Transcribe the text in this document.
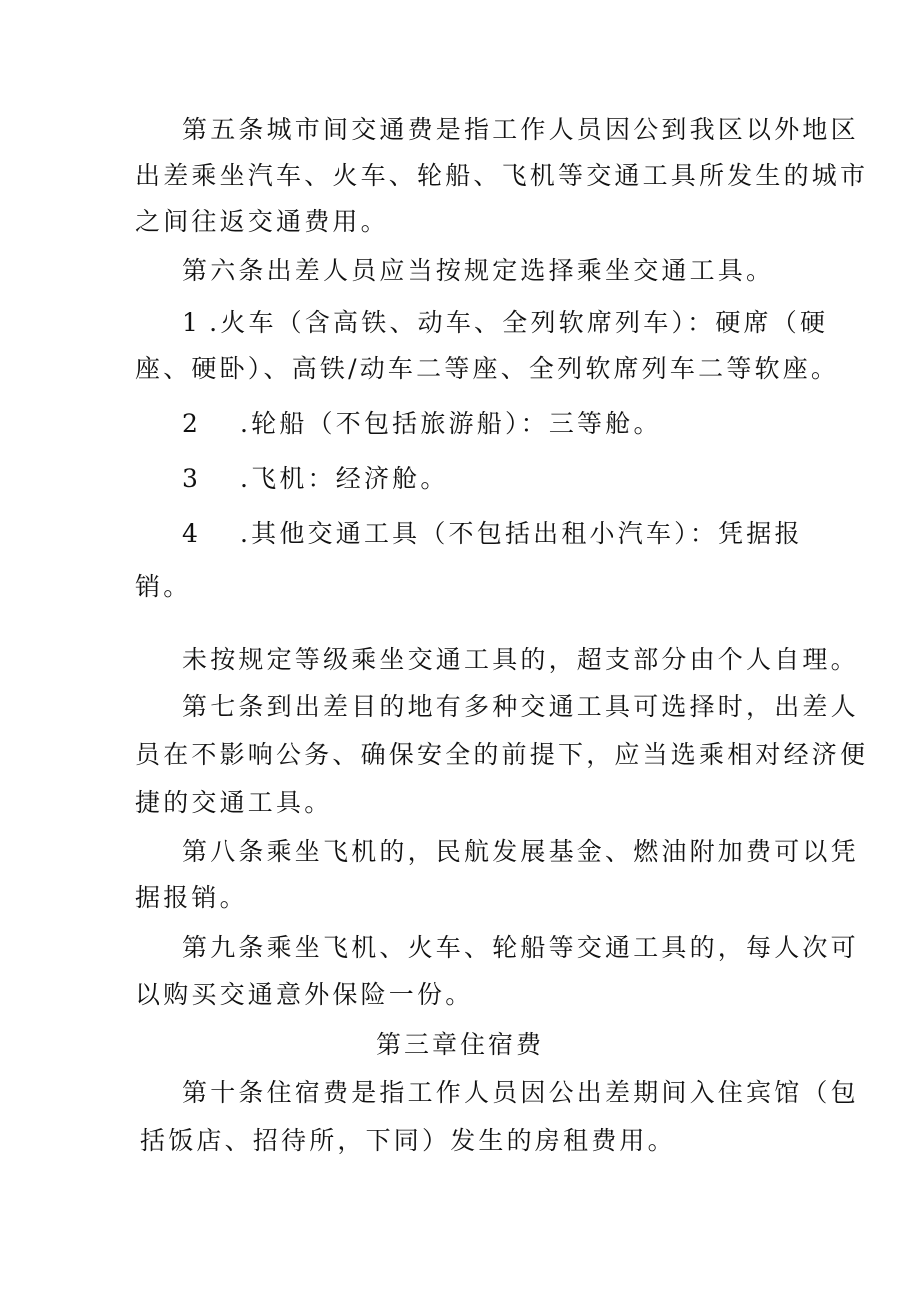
第五条城市间交通费是指工作人员因公到我区以外地区
出差乘坐汽车、火车、轮船、飞机等交通工具所发生的城市
之间往返交通费用。
第六条出差人员应当按规定选择乘坐交通工具。
1 .火车（含高铁、动车、全列软席列车）：硬席（硬
座、硬卧）、高铁/动车二等座、全列软席列车二等软座。
2 .轮船（不包括旅游船）：三等舱。
3 .飞机：经济舱。
4 .其他交通工具（不包括出租小汽车）：凭据报
销。
未按规定等级乘坐交通工具的，超支部分由个人自理。
第七条到出差目的地有多种交通工具可选择时，出差人
员在不影响公务、确保安全的前提下，应当选乘相对经济便
捷的交通工具。
第八条乘坐飞机的，民航发展基金、燃油附加费可以凭
据报销。
第九条乘坐飞机、火车、轮船等交通工具的，每人次可
以购买交通意外保险一份。
第三章住宿费
第十条住宿费是指工作人员因公出差期间入住宾馆（包
括饭店、招待所，下同）发生的房租费用。
